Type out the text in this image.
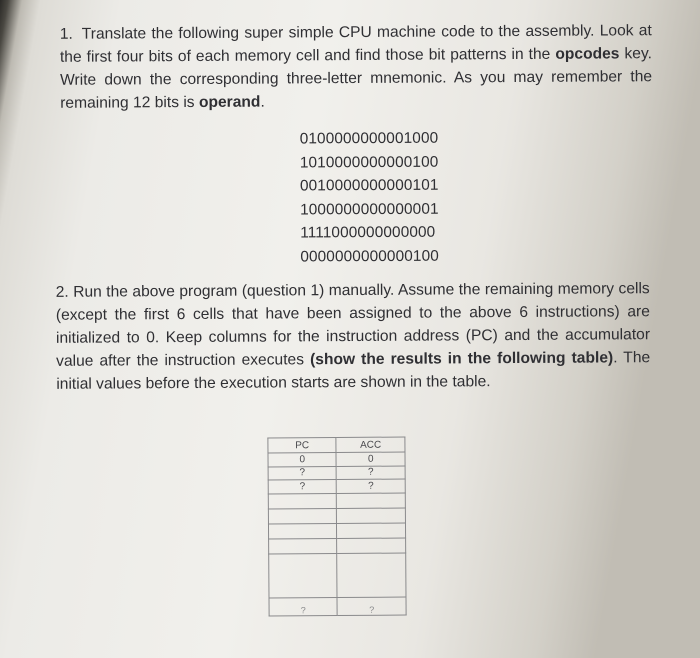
1. Translate the following super simple CPU machine code to the assembly. Look at the first four bits of each memory cell and find those bit patterns in the opcodes key. Write down the corresponding three-letter mnemonic. As you may remember the remaining 12 bits is operand.
0100000000001000
1010000000000100
0010000000000101
1000000000000001
1111000000000000
0000000000000100
2. Run the above program (question 1) manually. Assume the remaining memory cells (except the first 6 cells that have been assigned to the above 6 instructions) are initialized to 0. Keep columns for the instruction address (PC) and the accumulator value after the instruction executes (show the results in the following table). The initial values before the execution starts are shown in the table.
PC	ACC
0	0
?	?
?	?

?	?
